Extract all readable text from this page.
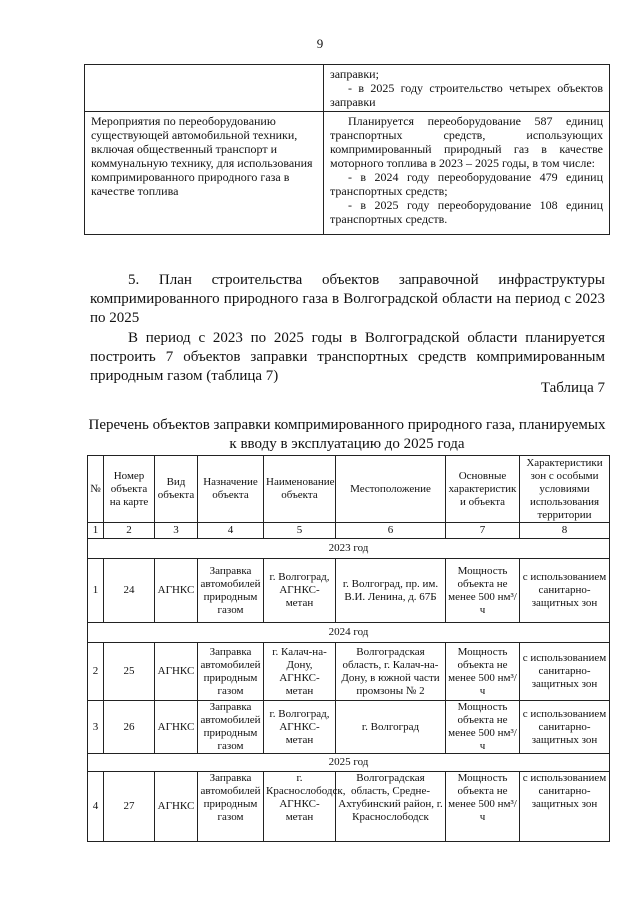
9

	заправки;

- в 2025 году строительство четырех объектов заправки

Мероприятия по переоборудованию существующей автомобильной техники, включая общественный транспорт и коммунальную технику, для использования компримированного природного газа в качестве топлива	Планируется переоборудование 587 единиц транспортных средств, использующих компримированный природный газ в качестве моторного топлива в 2023 – 2025 годы, в том числе:

- в 2024 году переоборудование 479 единиц транспортных средств;

- в 2025 году переоборудование 108 единиц транспортных средств.

5. План строительства объектов заправочной инфраструктуры компримированного природного газа в Волгоградской области на период с 2023 по 2025
В период с 2023 по 2025 годы в Волгоградской области планируется построить 7 объектов заправки транспортных средств компримированным природным газом (таблица 7)
Таблица 7
Перечень объектов заправки компримированного природного газа, планируемых к вводу в эксплуатацию до 2025 года
№	Номер объекта на карте	Вид объекта	Назначение объекта	Наименование объекта	Местоположение	Основные характеристик и объекта	Характеристики зон с особыми условиями использования территории
1	2	3	4	5	6	7	8
2023 год							
1	24	АГНКС	Заправка автомобилей природным газом	г. Волгоград, АГНКС-метан	г. Волгоград, пр. им. В.И. Ленина, д. 67Б	Мощность объекта не менее 500 нм³/ч	с использованием санитарно-защитных зон
2024 год							
2	25	АГНКС	Заправка автомобилей природным газом	г. Калач-на-Дону, АГНКС-метан	Волгоградская область, г. Калач-на-Дону, в южной части промзоны № 2	Мощность объекта не менее 500 нм³/ч	с использованием санитарно-защитных зон
3	26	АГНКС	Заправка автомобилей природным газом	г. Волгоград, АГНКС-метан	г. Волгоград	Мощность объекта не менее 500 нм³/ч	с использованием санитарно-защитных зон
2025 год							
4	27	АГНКС	Заправка автомобилей природным газом	г. Краснослободск, АГНКС-метан	Волгоградская область, Средне-Ахтубинский район, г. Краснослободск	Мощность объекта не менее 500 нм³/ч	с использованием санитарно-защитных зон
